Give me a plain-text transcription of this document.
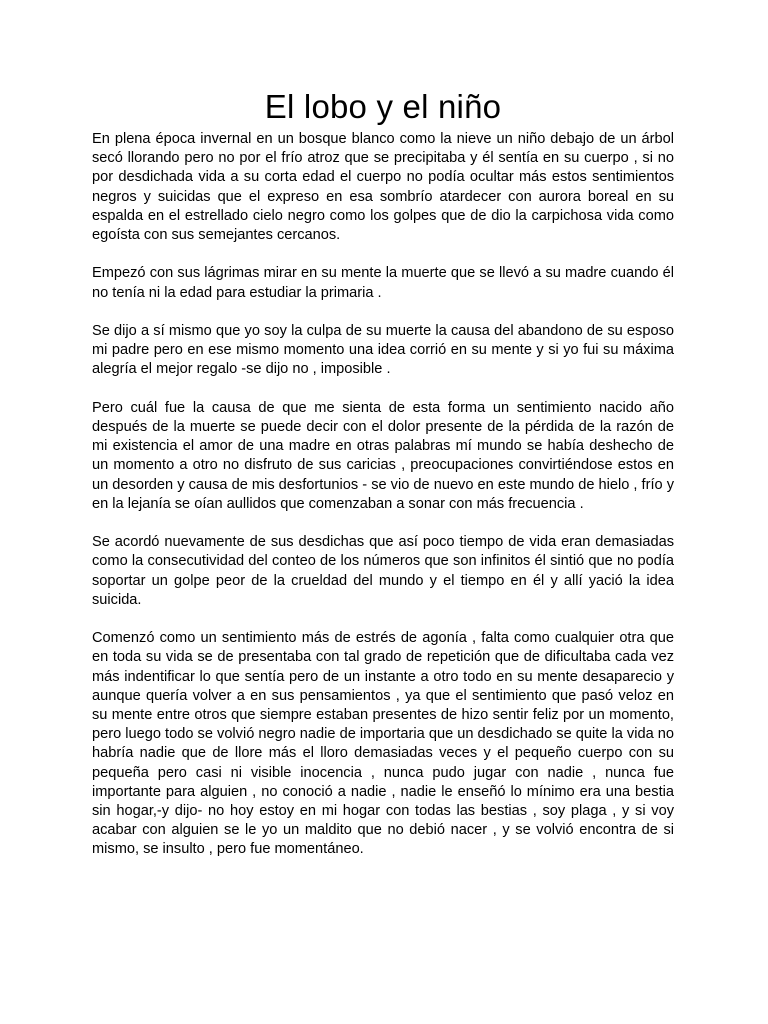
El lobo y el niño

En plena época invernal en un bosque blanco como la nieve un niño debajo de un árbol secó llorando pero no por el frío atroz que se precipitaba y él sentía en su cuerpo , si no por desdichada vida a su corta edad el cuerpo no podía ocultar más estos sentimientos negros y suicidas que el expreso en esa sombrío atardecer con aurora boreal en su espalda en el estrellado cielo negro como los golpes que de dio la carpichosa vida como egoísta con sus semejantes cercanos.

Empezó con sus lágrimas mirar en su mente la muerte que se llevó a su madre cuando él no tenía ni la edad para estudiar la primaria .

Se dijo a sí mismo que yo soy la culpa de su muerte la causa del abandono de su esposo mi padre pero en ese mismo momento una idea corrió en su mente y si yo fui su máxima alegría el mejor regalo -se dijo no , imposible .

Pero cuál fue la causa de que me sienta de esta forma un sentimiento nacido año después de la muerte se puede decir con el dolor presente de la pérdida de la razón de mi existencia el amor de una madre en otras palabras mí mundo se había deshecho de un momento a otro no disfruto de sus caricias , preocupaciones convirtiéndose estos en un desorden y causa de mis desfortunios - se vio de nuevo en este mundo de hielo , frío y en la lejanía se oían aullidos que comenzaban a sonar con más frecuencia .

Se acordó nuevamente de sus desdichas que así poco tiempo de vida eran demasiadas como la consecutividad del conteo de los números que son infinitos él sintió que no podía soportar un golpe peor de la crueldad del mundo y el tiempo en él y allí yació la idea suicida.

Comenzó como un sentimiento más de estrés de agonía , falta como cualquier otra que en toda su vida se de presentaba con tal grado de repetición que de dificultaba cada vez más indentificar lo que sentía pero de un instante a otro todo en su mente desaparecio y aunque quería volver a en sus pensamientos , ya que el sentimiento que pasó veloz en su mente entre otros que siempre estaban presentes de hizo sentir feliz por un momento, pero luego todo se volvió negro nadie de importaria que un desdichado se quite la vida no habría nadie que de llore más el lloro demasiadas veces y el pequeño cuerpo con su pequeña pero casi ni visible inocencia , nunca pudo jugar con nadie , nunca fue importante para alguien , no conoció a nadie , nadie le enseñó lo mínimo era una bestia sin hogar,-y dijo- no hoy estoy en mi hogar con todas las bestias , soy plaga , y si voy acabar con alguien se le yo un maldito que no debió nacer , y se volvió encontra de si mismo, se insulto , pero fue momentáneo.
